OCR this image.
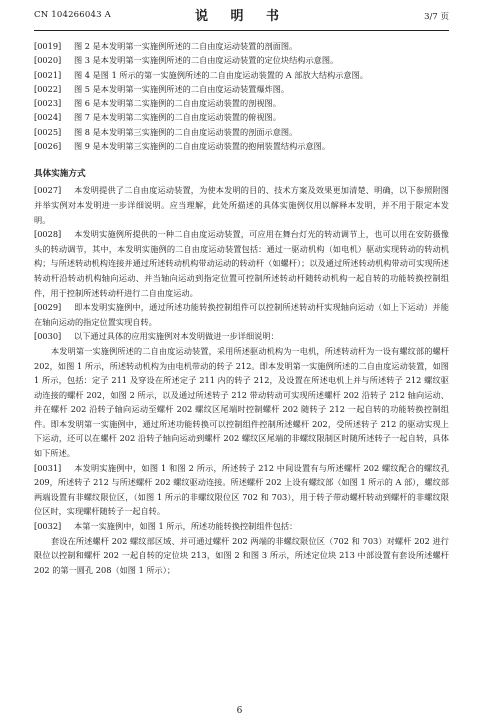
CN 104266043 A	说 明 书	3/7 页
[0019]	图 2 是本发明第一实施例所述的二自由度运动装置的剖面图。
[0020]	图 3 是本发明第一实施例所述的二自由度运动装置的定位块结构示意图。
[0021]	图 4 是图 1 所示的第一实施例所述的二自由度运动装置的 A 部放大结构示意图。
[0022]	图 5 是本发明第一实施例所述的二自由度运动装置爆炸图。
[0023]	图 6 是本发明第二实施例的二自由度运动装置的剖视图。
[0024]	图 7 是本发明第二实施例的二自由度运动装置的俯视图。
[0025]	图 8 是本发明第三实施例的二自由度运动装置的剖面示意图。
[0026]	图 9 是本发明第三实施例的二自由度运动装置的抱闸装置结构示意图。
具体实施方式

[0027] 本发明提供了二自由度运动装置，为使本发明的目的、技术方案及效果更加清楚、明确，以下参照附图并举实例对本发明进一步详细说明。应当理解，此处所描述的具体实施例仅用以解释本发明，并不用于限定本发明。

[0028] 本发明实施例所提供的一种二自由度运动装置，可应用在舞台灯光的转动调节上，也可以用在安防摄像头的转动调节，其中，本发明实施例的二自由度运动装置包括：通过一驱动机构（如电机）驱动实现转动的转动机构；与所述转动机构连接并通过所述转动机构带动运动的转动杆（如螺杆）；以及通过所述转动机构带动可实现所述转动杆沿转动机构轴向运动、并当轴向运动到指定位置可控制所述转动杆随转动机构一起自转的功能转换控制组件，用于控制所述转动杆进行二自由度运动。

[0029] 即本发明实施例中，通过所述功能转换控制组件可以控制所述转动杆实现轴向运动（如上下运动）并能在轴向运动的指定位置实现自转。

[0030] 以下通过具体的应用实施例对本发明做进一步详细说明：

本发明第一实施例所述的二自由度运动装置，采用所述驱动机构为一电机，所述转动杆为一设有螺纹部的螺杆 202，如图 1 所示，所述转动机构为由电机带动的转子 212。即本发明第一实施例所述的二自由度运动装置，如图 1 所示，包括：定子 211 及穿设在所述定子 211 内的转子 212，及设置在所述电机上并与所述转子 212 螺纹驱动连接的螺杆 202，如图 2 所示，以及通过所述转子 212 带动转动可实现所述螺杆 202 沿转子 212 轴向运动、并在螺杆 202 沿转子轴向运动至螺杆 202 螺纹区尾端时控制螺杆 202 随转子 212 一起自转的功能转换控制组件。即本发明第一实施例中，通过所述功能转换可以控制组件控制所述螺杆 202，受所述转子 212 的驱动实现上下运动，还可以在螺杆 202 沿转子轴向运动到螺杆 202 螺纹区尾端的非螺纹限制区时随所述转子一起自转，具体如下所述。

[0031] 本发明实施例中，如图 1 和图 2 所示，所述转子 212 中间设置有与所述螺杆 202 螺纹配合的螺纹孔 209，所述转子 212 与所述螺杆 202 螺纹驱动连接。所述螺杆 202 上设有螺纹部（如图 1 所示的 A 部），螺纹部两端设置有非螺纹限位区，（如图 1 所示的非螺纹限位区 702 和 703），用于转子带动螺杆转动到螺杆的非螺纹限位区时，实现螺杆随转子一起自转。

[0032] 本第一实施例中，如图 1 所示，所述功能转换控制组件包括：

套设在所述螺杆 202 螺纹部区域、并可通过螺杆 202 两端的非螺纹限位区（702 和 703）对螺杆 202 进行限位以控制和螺杆 202 一起自转的定位块 213，如图 2 和图 3 所示，所述定位块 213 中部设置有套设所述螺杆 202 的第一圆孔 208（如图 1 所示）；

6
